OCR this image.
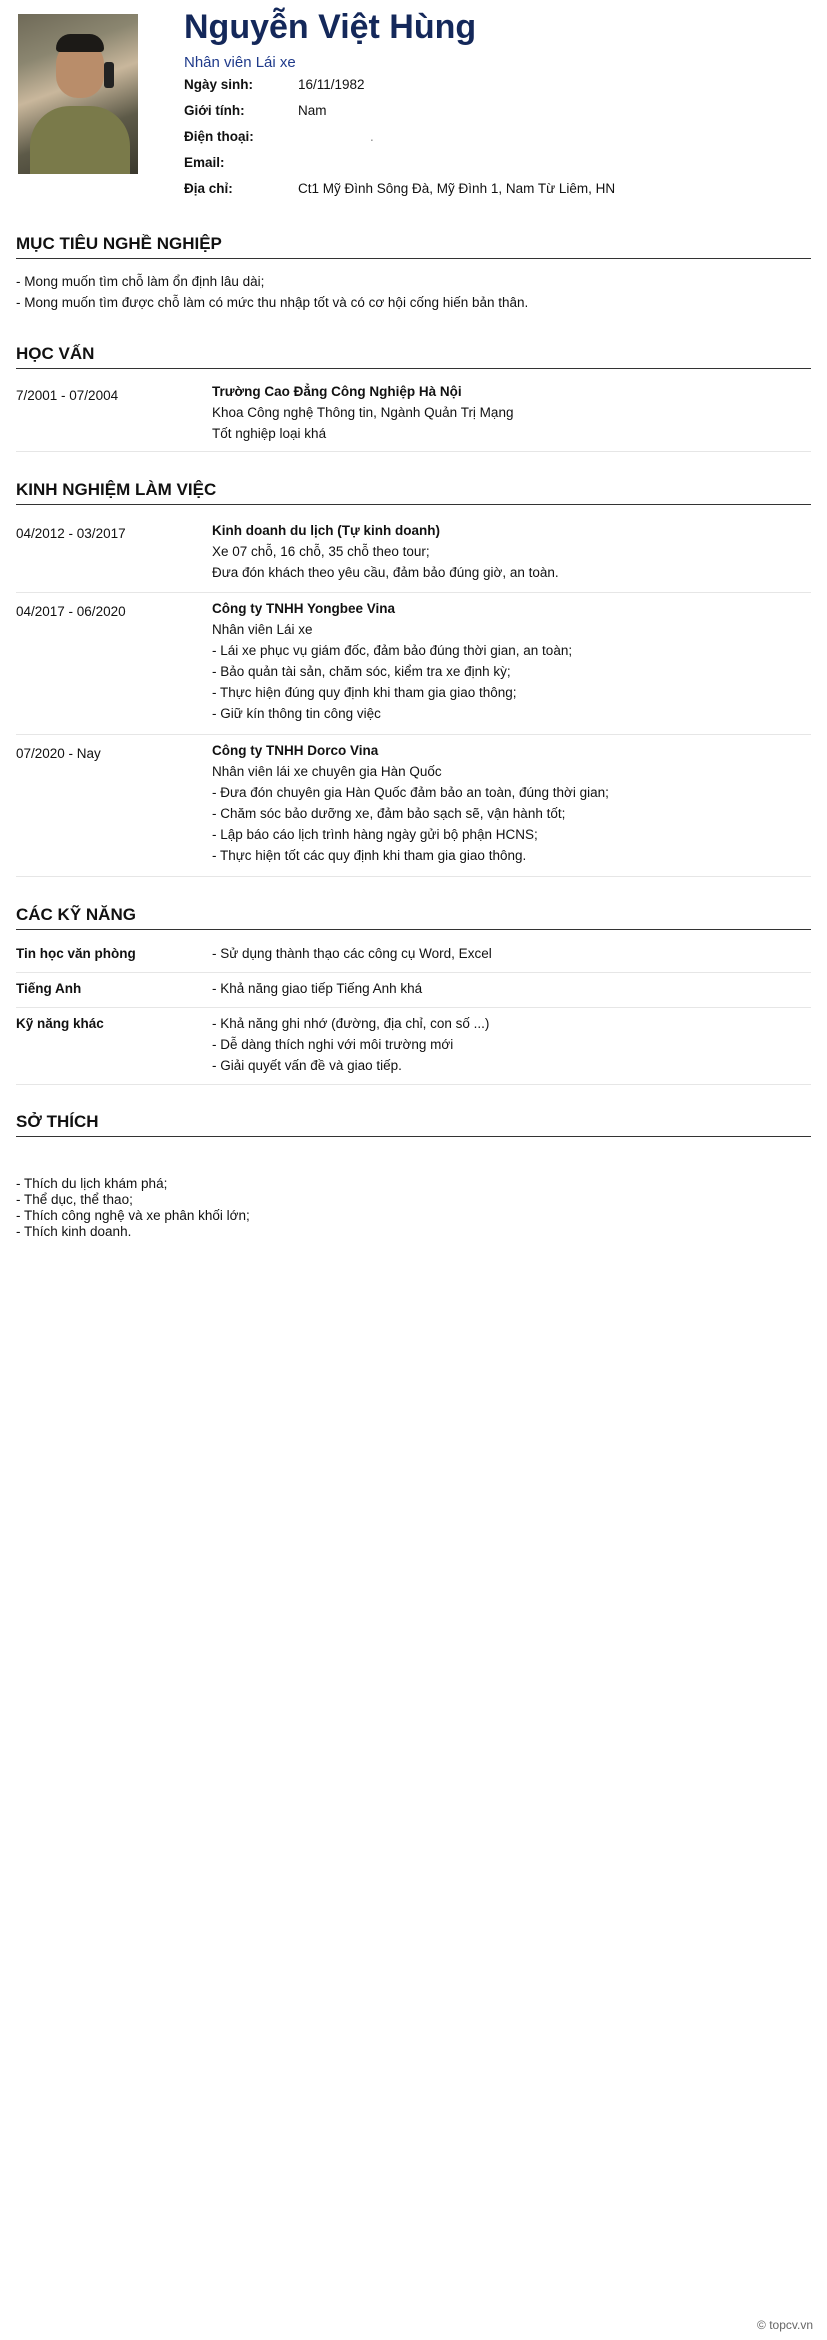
Nguyễn Việt Hùng
Nhân viên Lái xe
Ngày sinh:	16/11/1982
Giới tính:	Nam
Điện thoại:	.
Email:
Địa chỉ:	Ct1 Mỹ Đình Sông Đà, Mỹ Đình 1, Nam Từ Liêm, HN
MỤC TIÊU NGHỀ NGHIỆP
- Mong muốn tìm chỗ làm ổn định lâu dài;
- Mong muốn tìm được chỗ làm có mức thu nhập tốt và có cơ hội cống hiến bản thân.
HỌC VẤN
7/2001 - 07/2004	Trường Cao Đẳng Công Nghiệp Hà Nội
Khoa Công nghệ Thông tin, Ngành Quản Trị Mạng
Tốt nghiệp loại khá
KINH NGHIỆM LÀM VIỆC
04/2012 - 03/2017	Kinh doanh du lịch (Tự kinh doanh)
Xe 07 chỗ, 16 chỗ, 35 chỗ theo tour;
Đưa đón khách theo yêu cầu, đảm bảo đúng giờ, an toàn.
04/2017 - 06/2020	Công ty TNHH Yongbee Vina
Nhân viên Lái xe
- Lái xe phục vụ giám đốc, đảm bảo đúng thời gian, an toàn;
- Bảo quản tài sản, chăm sóc, kiểm tra xe định kỳ;
- Thực hiện đúng quy định khi tham gia giao thông;
- Giữ kín thông tin công việc
07/2020 - Nay	Công ty TNHH Dorco Vina
Nhân viên lái xe chuyên gia Hàn Quốc
- Đưa đón chuyên gia Hàn Quốc đảm bảo an toàn, đúng thời gian;
- Chăm sóc bảo dưỡng xe, đảm bảo sạch sẽ, vận hành tốt;
- Lập báo cáo lịch trình hàng ngày gửi bộ phận HCNS;
- Thực hiện tốt các quy định khi tham gia giao thông.
CÁC KỸ NĂNG
Tin học văn phòng	- Sử dụng thành thạo các công cụ Word, Excel
Tiếng Anh	- Khả năng giao tiếp Tiếng Anh khá
Kỹ năng khác	- Khả năng ghi nhớ (đường, địa chỉ, con số ...)
- Dễ dàng thích nghi với môi trường mới
- Giải quyết vấn đề và giao tiếp.
SỞ THÍCH
- Thích du lịch khám phá;
- Thể dục, thể thao;
- Thích công nghệ và xe phân khối lớn;
- Thích kinh doanh.
© topcv.vn
